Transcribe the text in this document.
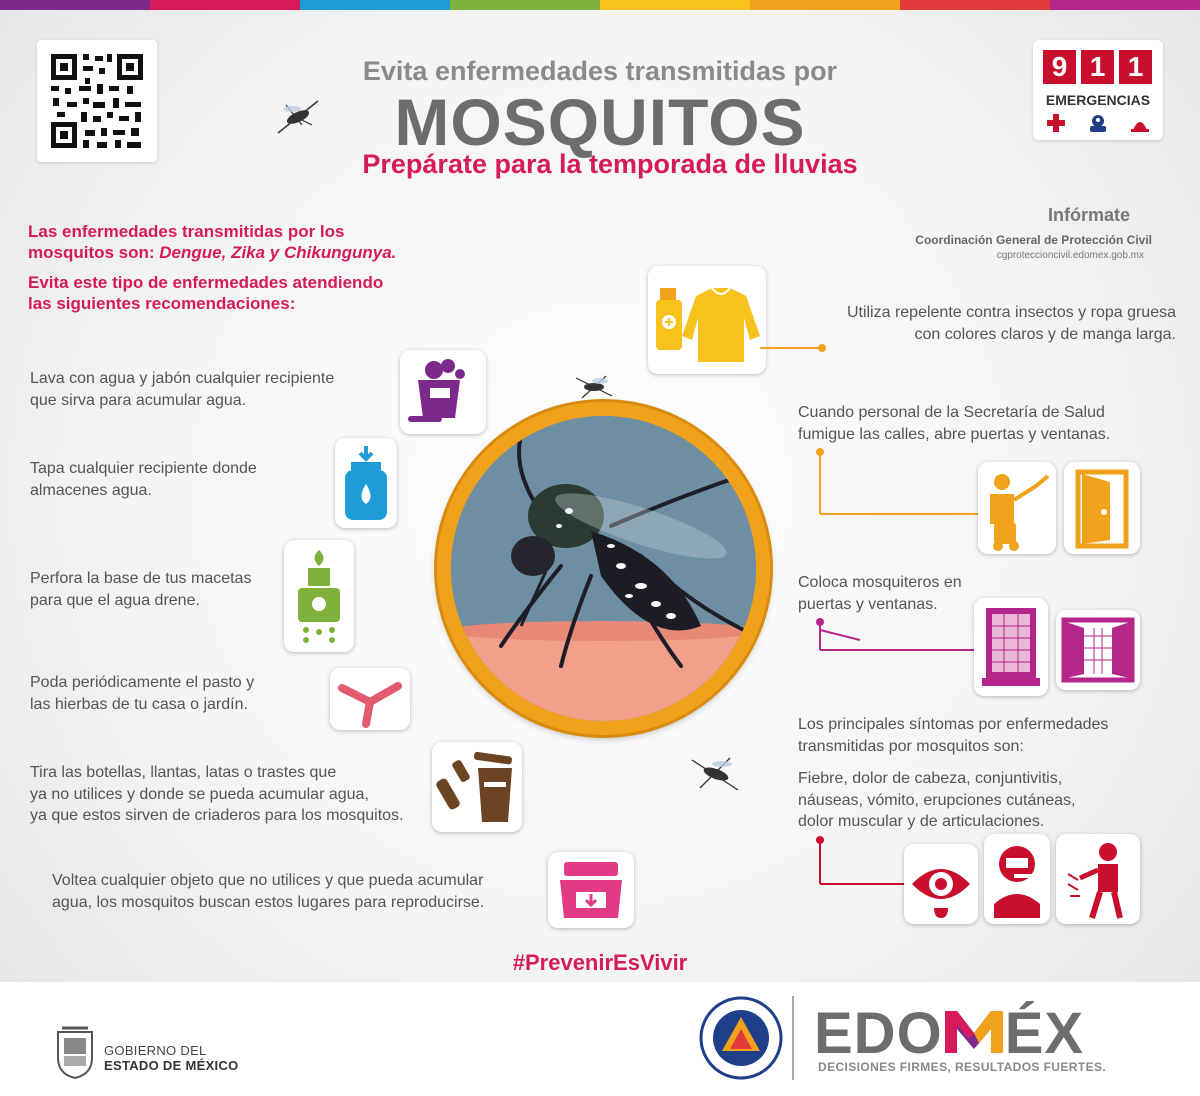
9 1 1
EMERGENCIAS
Evita enfermedades transmitidas por
MOSQUITOS
Prepárate para la temporada de lluvias
Las enfermedades transmitidas por los
mosquitos son: Dengue, Zika y Chikungunya.
Evita este tipo de enfermedades atendiendo
las siguientes recomendaciones:
Infórmate
Coordinación General de Protección Civil
cgproteccioncivil.edomex.gob.mx
Lava con agua y jabón cualquier recipiente
que sirva para acumular agua.
Tapa cualquier recipiente donde
almacenes agua.
Perfora la base de tus macetas
para que el agua drene.
Poda periódicamente el pasto y
las hierbas de tu casa o jardín.
Tira las botellas, llantas, latas o trastes que
ya no utilices y donde se pueda acumular agua,
ya que estos sirven de criaderos para los mosquitos.
Voltea cualquier objeto que no utilices y que pueda acumular
agua, los mosquitos buscan estos lugares para reproducirse.
Utiliza repelente contra insectos y ropa gruesa
con colores claros y de manga larga.
Cuando personal de la Secretaría de Salud
fumigue las calles, abre puertas y ventanas.
Coloca mosquiteros en
puertas y ventanas.
Los principales síntomas por enfermedades
transmitidas por mosquitos son:
Fiebre, dolor de cabeza, conjuntivitis,
náuseas, vómito, erupciones cutáneas,
dolor muscular y de articulaciones.
#PrevenirEsVivir
GOBIERNO DEL
ESTADO DE MÉXICO	EDO ÉX
DECISIONES FIRMES, RESULTADOS FUERTES.
